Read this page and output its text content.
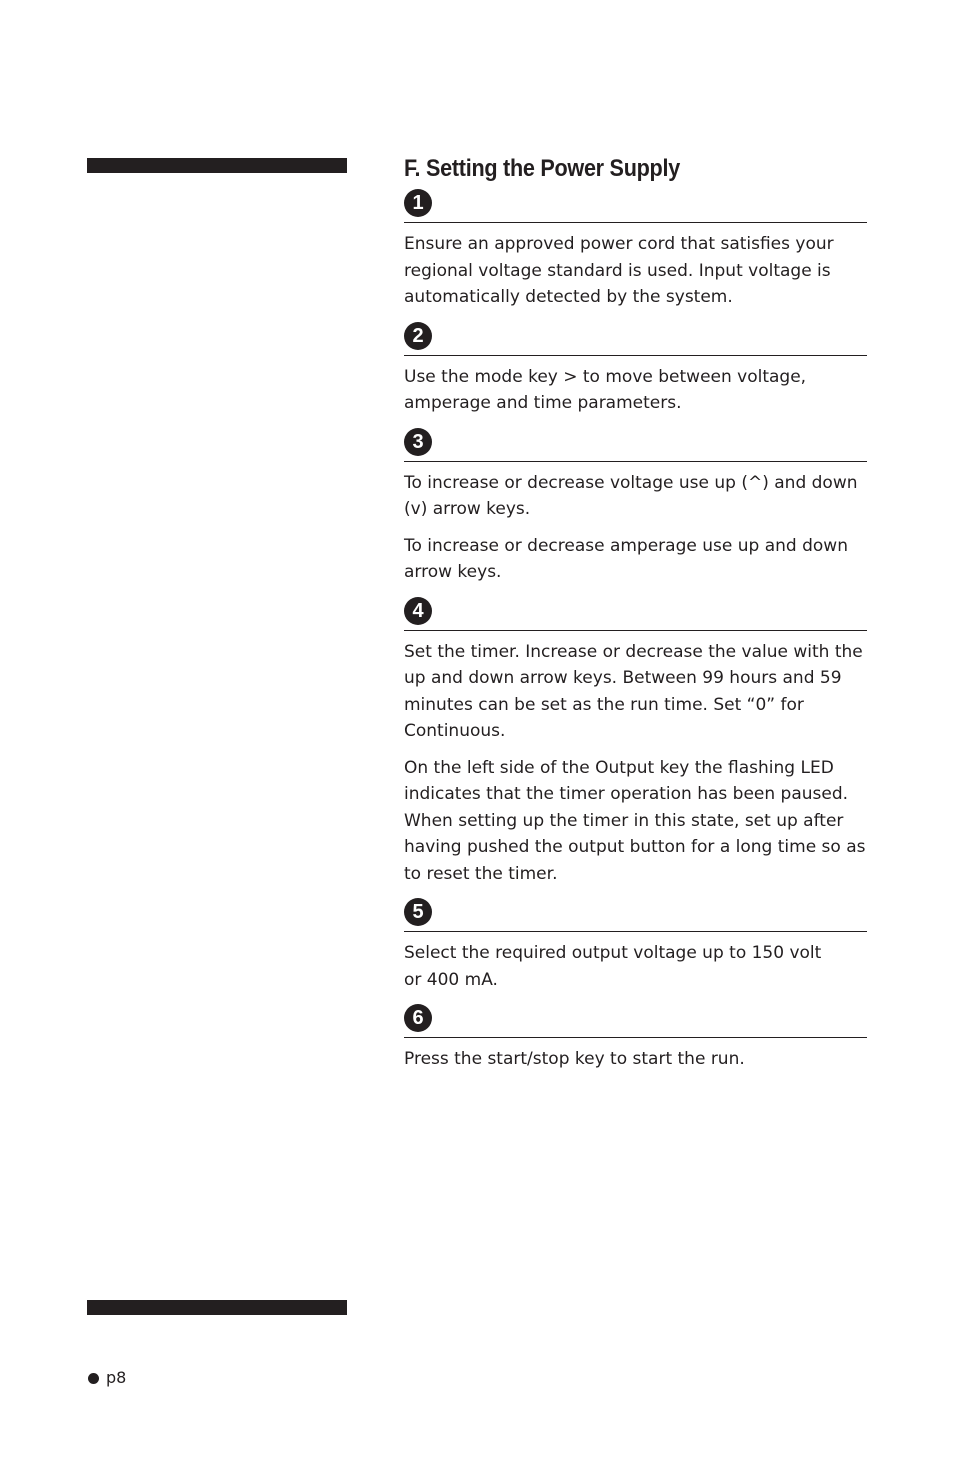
F. Setting the Power Supply
1

Ensure an approved power cord that satisfies your regional voltage standard is used. Input voltage is automatically detected by the system.

2

Use the mode key > to move between voltage, amperage and time parameters.

3

To increase or decrease voltage use up (^) and down (v) arrow keys.

To increase or decrease amperage use up and down arrow keys.

4

Set the timer. Increase or decrease the value with the up and down arrow keys. Between 99 hours and 59 minutes can be set as the run time. Set “0” for Continuous.

On the left side of the Output key the flashing LED indicates that the timer operation has been paused. When setting up the timer in this state, set up after having pushed the output button for a long time so as to reset the timer.

5

Select the required output voltage up to 150 volt or 400 mA.

6

Press the start/stop key to start the run.

p8
